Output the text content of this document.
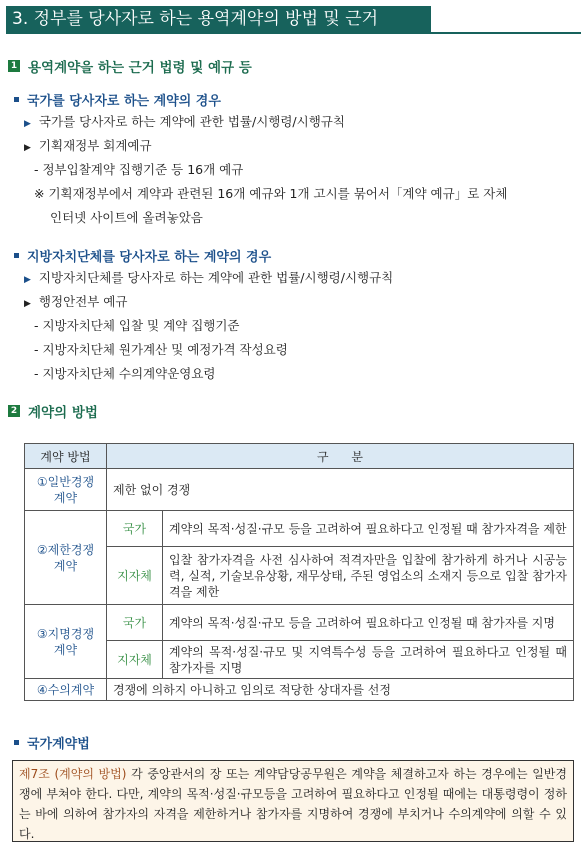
3. 정부를 당사자로 하는 용역계약의 방법 및 근거
1 용역계약을 하는 근거 법령 및 예규 등
국가를 당사자로 하는 계약의 경우
▶ 국가를 당사자로 하는 계약에 관한 법률/시행령/시행규칙
▶ 기획재정부 회계예규
- 정부입찰계약 집행기준 등 16개 예규
※ 기획재정부에서 계약과 관련된 16개 예규와 1개 고시를 묶어서「계약 예규」로 자체
인터넷 사이트에 올려놓았음
지방자치단체를 당사자로 하는 계약의 경우
▶ 지방자치단체를 당사자로 하는 계약에 관한 법률/시행령/시행규칙
▶ 행정안전부 예규
- 지방자치단체 입찰 및 계약 집행기준
- 지방자치단체 원가계산 및 예정가격 작성요령
- 지방자치단체 수의계약운영요령
2 계약의 방법
계약 방법	구      분	
①일반경쟁 계약	제한 없이 경쟁	
②제한경쟁 계약	국가	계약의 목적·성질·규모 등을 고려하여 필요하다고 인정될 때 참가자격을 제한
	지자체	입찰 참가자격을 사전 심사하여 적격자만을 입찰에 참가하게 하거나 시공능력, 실적, 기술보유상황, 재무상태, 주된 영업소의 소재지 등으로 입찰 참가자격을 제한
③지명경쟁 계약	국가	계약의 목적·성질·규모 등을 고려하여 필요하다고 인정될 때 참가자를 지명
	지자체	계약의 목적·성질·규모 및 지역특수성 등을 고려하여 필요하다고 인정될 때 참가자를 지명
④수의계약	경쟁에 의하지 아니하고 임의로 적당한 상대자를 선정	
국가계약법
제7조 (계약의 방법) 각 중앙관서의 장 또는 계약담당공무원은 계약을 체결하고자 하는 경우에는 일반경쟁에 부쳐야 한다. 다만, 계약의 목적·성질·규모등을 고려하여 필요하다고 인정될 때에는 대통령령이 정하는 바에 의하여 참가자의 자격을 제한하거나 참가자를 지명하여 경쟁에 부치거나 수의계약에 의할 수 있다.
